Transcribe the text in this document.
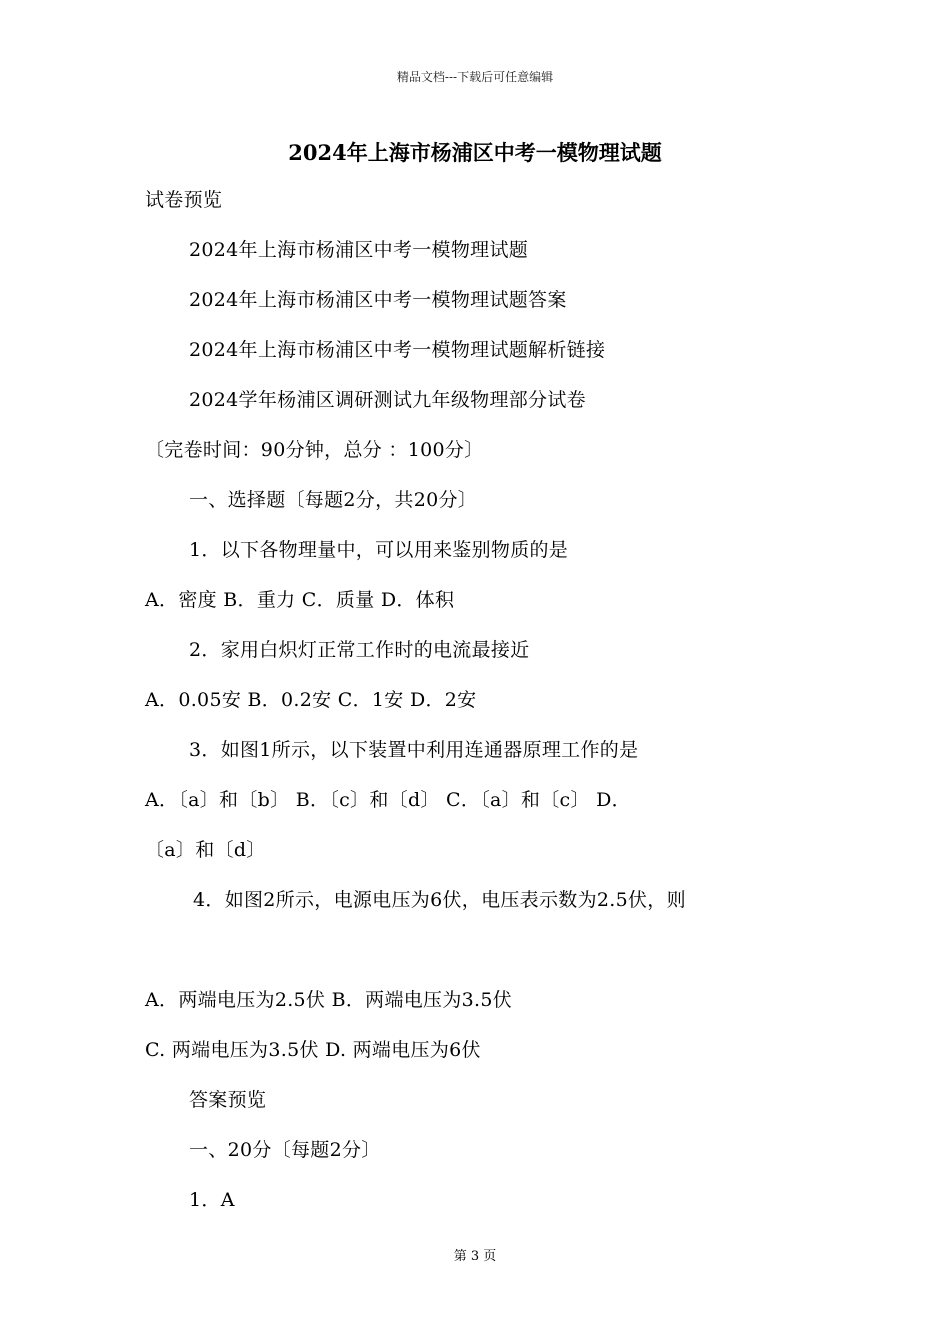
精品文档---下载后可任意编辑
2024年上海市杨浦区中考一模物理试题
试卷预览
2024年上海市杨浦区中考一模物理试题
2024年上海市杨浦区中考一模物理试题答案
2024年上海市杨浦区中考一模物理试题解析链接
2024学年杨浦区调研测试九年级物理部分试卷
〔完卷时间：90分钟，总分 ：100分〕
一、选择题〔每题2分，共20分〕
1．以下各物理量中，可以用来鉴别物质的是
A．密度 B．重力 C．质量 D．体积
2．家用白炽灯正常工作时的电流最接近
A．0.05安 B．0.2安 C．1安 D．2安
3．如图1所示，以下装置中利用连通器原理工作的是
A．〔a〕和〔b〕 B．〔c〕和〔d〕 C．〔a〕和〔c〕 D．
〔a〕和〔d〕
4．如图2所示，电源电压为6伏，电压表示数为2.5伏，则
A．两端电压为2.5伏 B．两端电压为3.5伏
C. 两端电压为3.5伏 D. 两端电压为6伏
答案预览
一、20分〔每题2分〕
1．A
第 3 页
